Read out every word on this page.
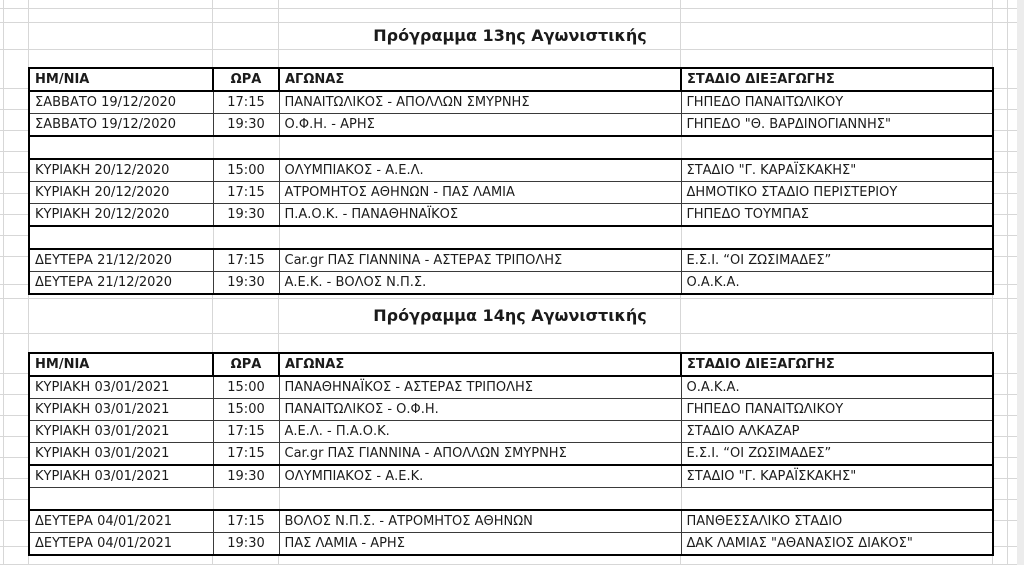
Πρόγραμμα 13ης Αγωνιστικής
ΗΜ/ΝΙΑ	ΩΡΑ	ΑΓΩΝΑΣ	ΣΤΑΔΙΟ ΔΙΕΞΑΓΩΓΗΣ
ΣΑΒΒΑΤΟ 19/12/2020	17:15	ΠΑΝΑΙΤΩΛΙΚΟΣ - ΑΠΟΛΛΩΝ ΣΜΥΡΝΗΣ	ΓΗΠΕΔΟ ΠΑΝΑΙΤΩΛΙΚΟΥ
ΣΑΒΒΑΤΟ 19/12/2020	19:30	Ο.Φ.Η. - ΑΡΗΣ	ΓΗΠΕΔΟ "Θ. ΒΑΡΔΙΝΟΓΙΑΝΝΗΣ"

ΚΥΡΙΑΚΗ 20/12/2020	15:00	ΟΛΥΜΠΙΑΚΟΣ - Α.Ε.Λ.	ΣΤΑΔΙΟ "Γ. ΚΑΡΑΪΣΚΑΚΗΣ"
ΚΥΡΙΑΚΗ 20/12/2020	17:15	ΑΤΡΟΜΗΤΟΣ ΑΘΗΝΩΝ - ΠΑΣ ΛΑΜΙΑ	ΔΗΜΟΤΙΚΟ ΣΤΑΔΙΟ ΠΕΡΙΣΤΕΡΙΟΥ
ΚΥΡΙΑΚΗ 20/12/2020	19:30	Π.Α.Ο.Κ. - ΠΑΝΑΘΗΝΑΪΚΟΣ	ΓΗΠΕΔΟ ΤΟΥΜΠΑΣ

ΔΕΥΤΕΡΑ 21/12/2020	17:15	Car.gr ΠΑΣ ΓΙΑΝΝΙΝΑ - ΑΣΤΕΡΑΣ ΤΡΙΠΟΛΗΣ	Ε.Σ.Ι. “ΟΙ ΖΩΣΙΜΑΔΕΣ”
ΔΕΥΤΕΡΑ 21/12/2020	19:30	Α.Ε.Κ. - ΒΟΛΟΣ Ν.Π.Σ.	Ο.Α.Κ.Α.
Πρόγραμμα 14ης Αγωνιστικής
ΗΜ/ΝΙΑ	ΩΡΑ	ΑΓΩΝΑΣ	ΣΤΑΔΙΟ ΔΙΕΞΑΓΩΓΗΣ
ΚΥΡΙΑΚΗ 03/01/2021	15:00	ΠΑΝΑΘΗΝΑΪΚΟΣ - ΑΣΤΕΡΑΣ ΤΡΙΠΟΛΗΣ	Ο.Α.Κ.Α.
ΚΥΡΙΑΚΗ 03/01/2021	15:00	ΠΑΝΑΙΤΩΛΙΚΟΣ - Ο.Φ.Η.	ΓΗΠΕΔΟ ΠΑΝΑΙΤΩΛΙΚΟΥ
ΚΥΡΙΑΚΗ 03/01/2021	17:15	Α.Ε.Λ. - Π.Α.Ο.Κ.	ΣΤΑΔΙΟ ΑΛΚΑΖΑΡ
ΚΥΡΙΑΚΗ 03/01/2021	17:15	Car.gr ΠΑΣ ΓΙΑΝΝΙΝΑ - ΑΠΟΛΛΩΝ ΣΜΥΡΝΗΣ	Ε.Σ.Ι. “ΟΙ ΖΩΣΙΜΑΔΕΣ”
ΚΥΡΙΑΚΗ 03/01/2021	19:30	ΟΛΥΜΠΙΑΚΟΣ - Α.Ε.Κ.	ΣΤΑΔΙΟ "Γ. ΚΑΡΑΪΣΚΑΚΗΣ"

ΔΕΥΤΕΡΑ 04/01/2021	17:15	ΒΟΛΟΣ Ν.Π.Σ. - ΑΤΡΟΜΗΤΟΣ ΑΘΗΝΩΝ	ΠΑΝΘΕΣΣΑΛΙΚΟ ΣΤΑΔΙΟ
ΔΕΥΤΕΡΑ 04/01/2021	19:30	ΠΑΣ ΛΑΜΙΑ - ΑΡΗΣ	ΔΑΚ ΛΑΜΙΑΣ "ΑΘΑΝΑΣΙΟΣ ΔΙΑΚΟΣ"
